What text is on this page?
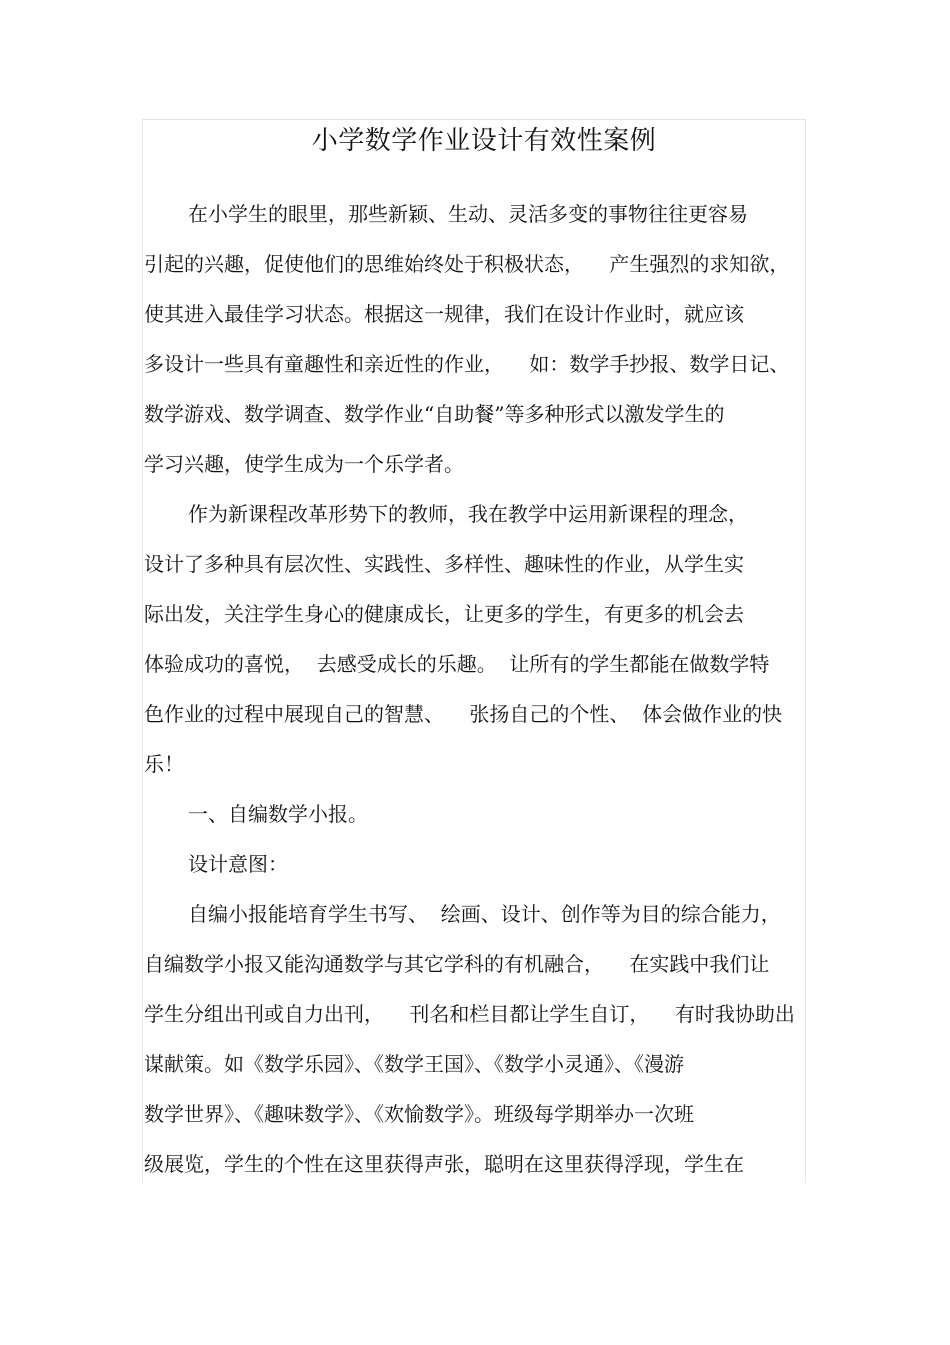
小学数学作业设计有效性案例

在小学生的眼里，那些新颖、生动、灵活多变的事物往往更容易

引起的兴趣，促使他们的思维始终处于积极状态，    产生强烈的求知欲，

使其进入最佳学习状态。根据这一规律，我们在设计作业时，就应该

多设计一些具有童趣性和亲近性的作业，    如：数学手抄报、数学日记、

数学游戏、数学调查、数学作业“自助餐”等多种形式以激发学生的

学习兴趣，使学生成为一个乐学者。

作为新课程改革形势下的教师，我在教学中运用新课程的理念，

设计了多种具有层次性、实践性、多样性、趣味性的作业，从学生实

际出发，关注学生身心的健康成长，让更多的学生，有更多的机会去

体验成功的喜悦，  去感受成长的乐趣。  让所有的学生都能在做数学特

色作业的过程中展现自己的智慧、    张扬自己的个性、  体会做作业的快

乐！

一、自编数学小报。

设计意图：

自编小报能培育学生书写、  绘画、设计、创作等为目的综合能力，

自编数学小报又能沟通数学与其它学科的有机融合，    在实践中我们让

学生分组出刊或自力出刊，    刊名和栏目都让学生自订，    有时我协助出

谋献策。如《数学乐园》、《数学王国》、《数学小灵通》、《漫游

数学世界》、《趣味数学》、《欢愉数学》。班级每学期举办一次班

级展览，学生的个性在这里获得声张，聪明在这里获得浮现，学生在
